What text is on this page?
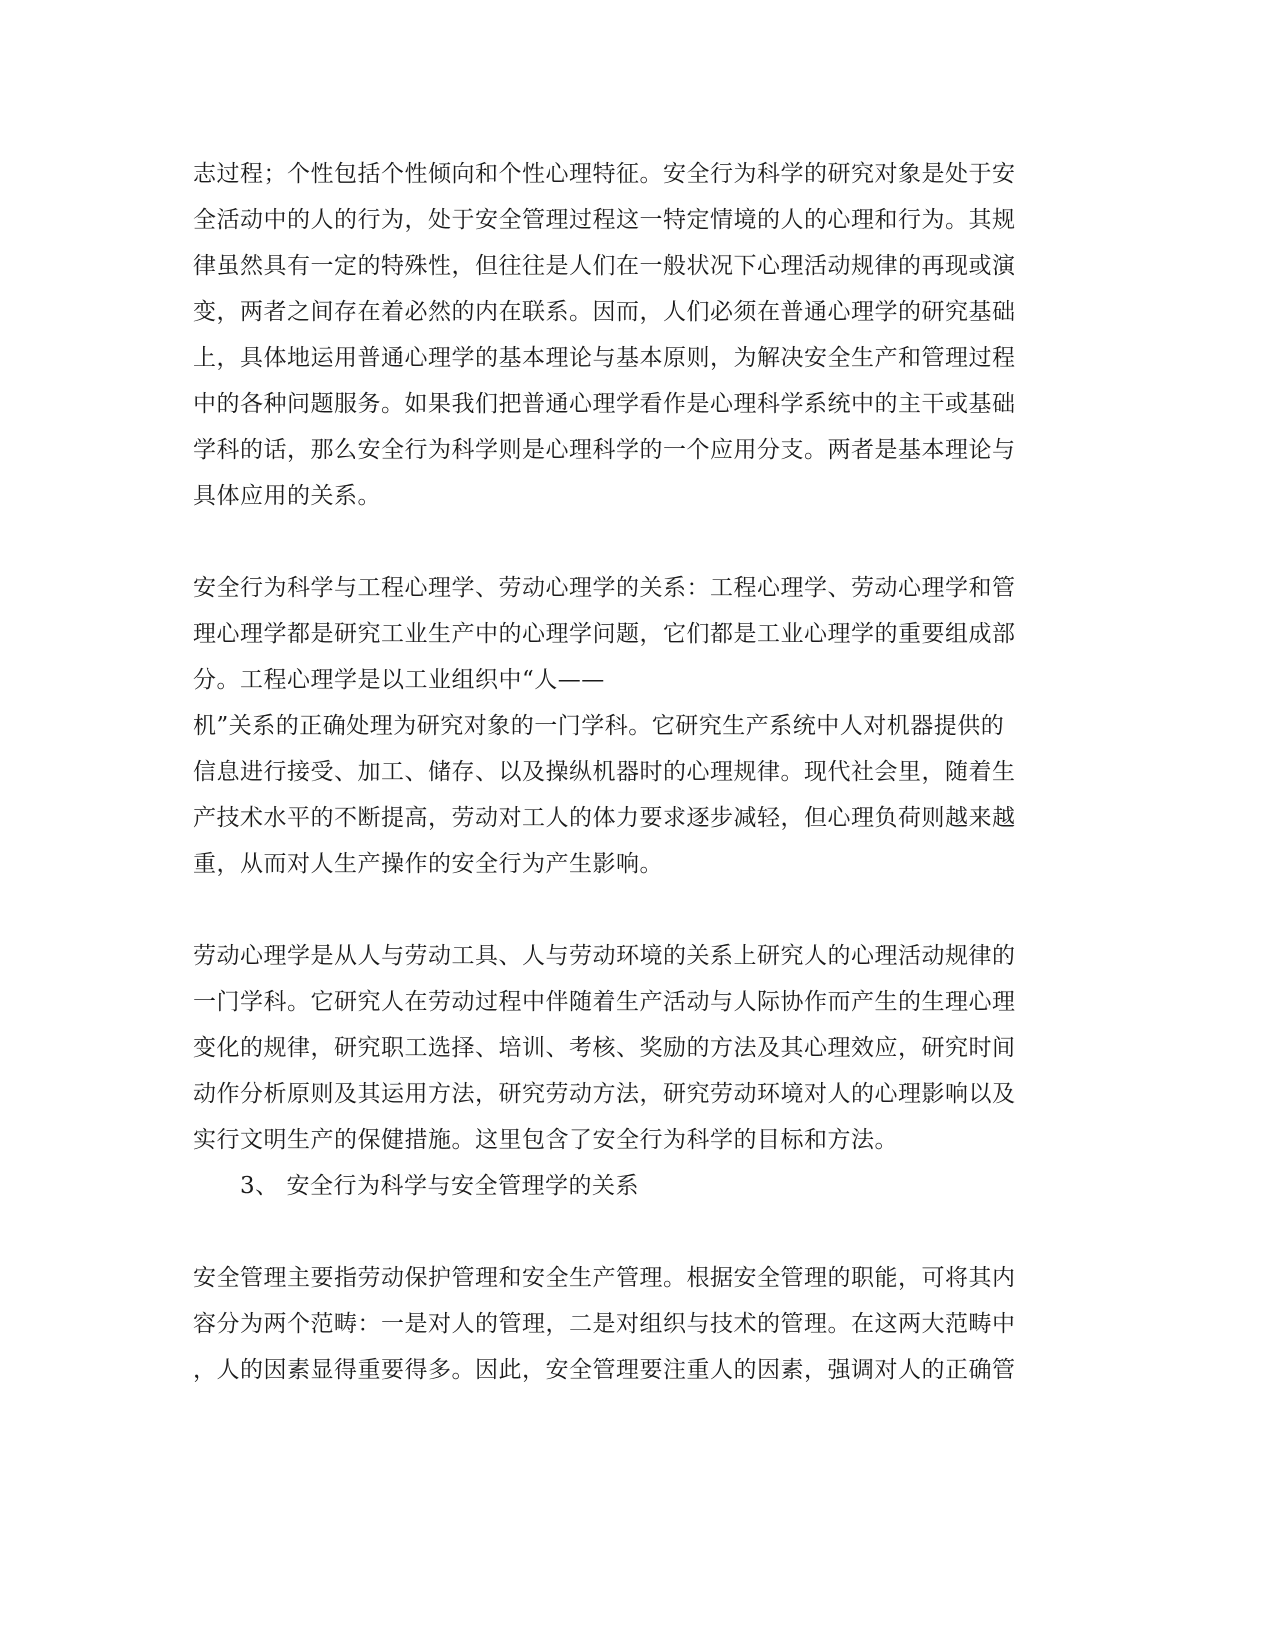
志过程；个性包括个性倾向和个性心理特征。安全行为科学的研究对象是处于安
全活动中的人的行为，处于安全管理过程这一特定情境的人的心理和行为。其规
律虽然具有一定的特殊性，但往往是人们在一般状况下心理活动规律的再现或演
变，两者之间存在着必然的内在联系。因而，人们必须在普通心理学的研究基础
上，具体地运用普通心理学的基本理论与基本原则，为解决安全生产和管理过程
中的各种问题服务。如果我们把普通心理学看作是心理科学系统中的主干或基础
学科的话，那么安全行为科学则是心理科学的一个应用分支。两者是基本理论与
具体应用的关系。
安全行为科学与工程心理学、劳动心理学的关系：工程心理学、劳动心理学和管
理心理学都是研究工业生产中的心理学问题，它们都是工业心理学的重要组成部
分。工程心理学是以工业组织中“人——
机”关系的正确处理为研究对象的一门学科。它研究生产系统中人对机器提供的
信息进行接受、加工、储存、以及操纵机器时的心理规律。现代社会里，随着生
产技术水平的不断提高，劳动对工人的体力要求逐步减轻，但心理负荷则越来越
重，从而对人生产操作的安全行为产生影响。
劳动心理学是从人与劳动工具、人与劳动环境的关系上研究人的心理活动规律的
一门学科。它研究人在劳动过程中伴随着生产活动与人际协作而产生的生理心理
变化的规律，研究职工选择、培训、考核、奖励的方法及其心理效应，研究时间
动作分析原则及其运用方法，研究劳动方法，研究劳动环境对人的心理影响以及
实行文明生产的保健措施。这里包含了安全行为科学的目标和方法。
3、 安全行为科学与安全管理学的关系
安全管理主要指劳动保护管理和安全生产管理。根据安全管理的职能，可将其内
容分为两个范畴：一是对人的管理，二是对组织与技术的管理。在这两大范畴中
，人的因素显得重要得多。因此，安全管理要注重人的因素，强调对人的正确管
